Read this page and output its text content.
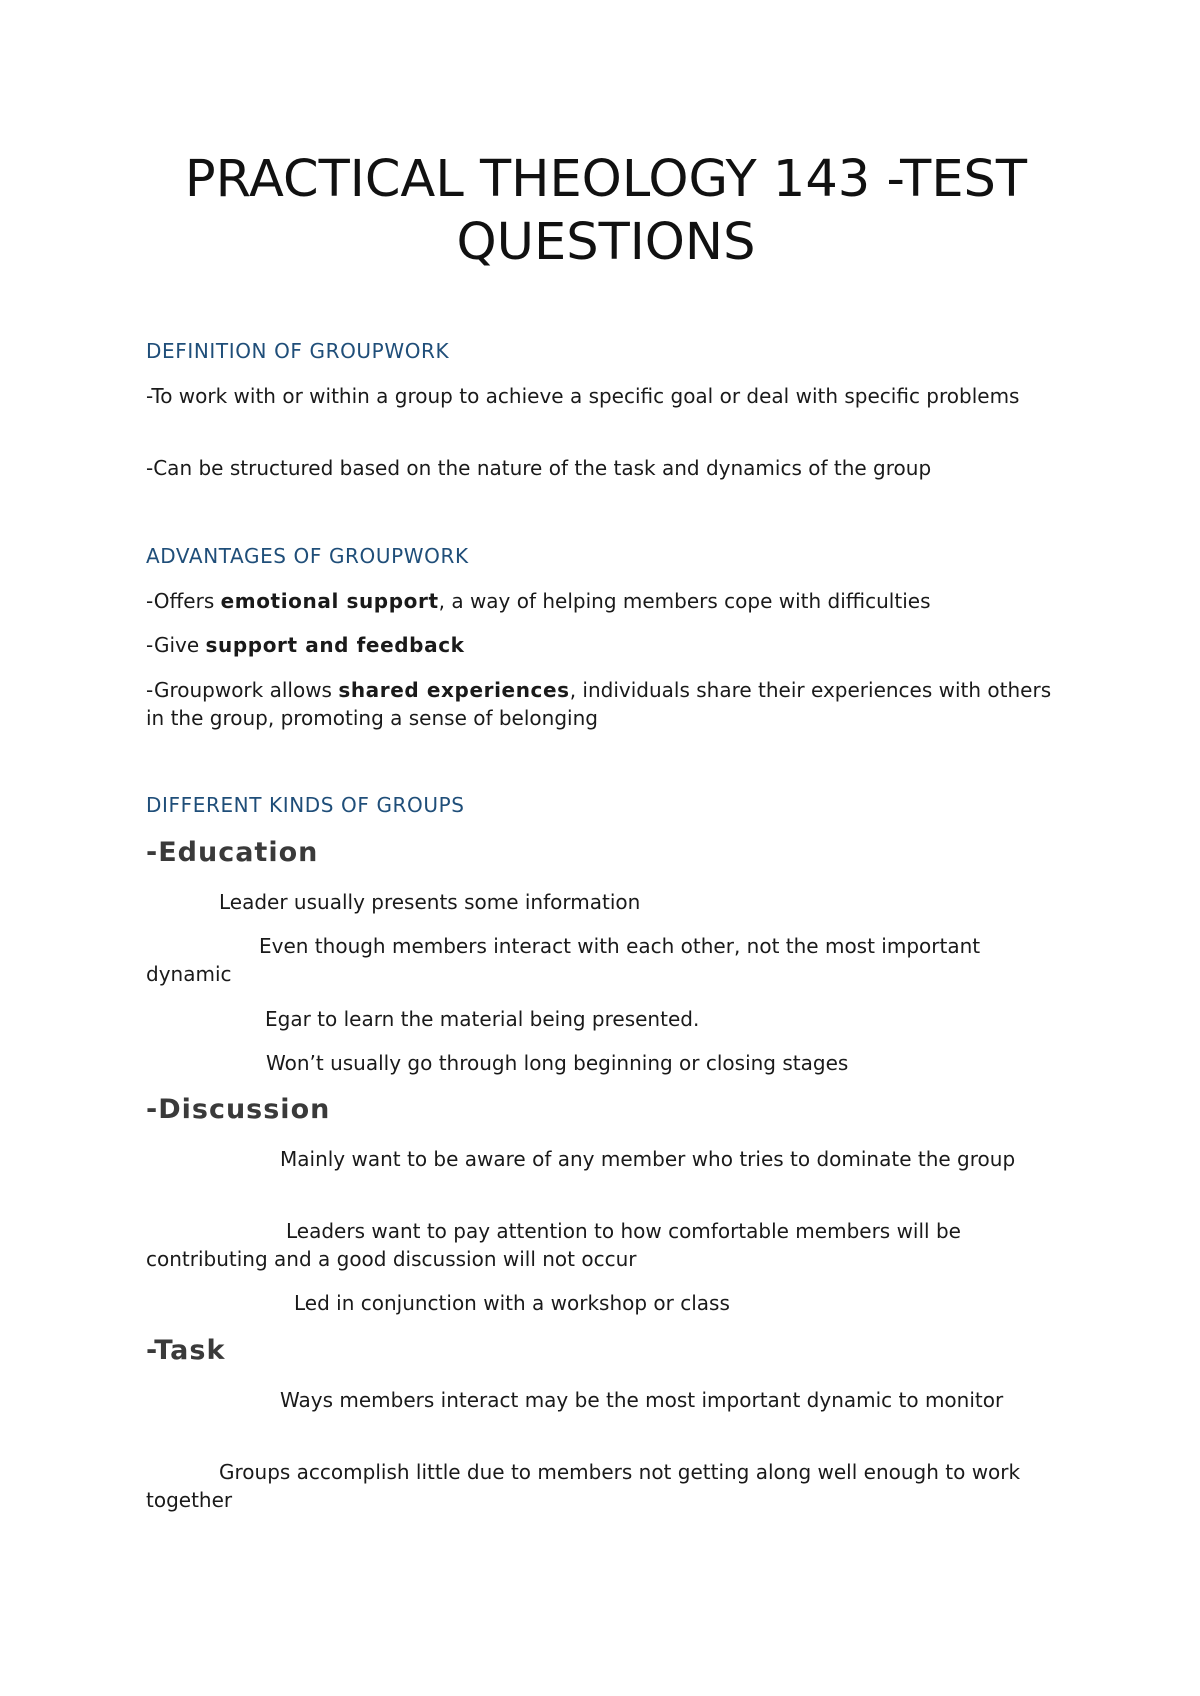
PRACTICAL THEOLOGY 143 -TEST
QUESTIONS
DEFINITION OF GROUPWORK

-To work with or within a group to achieve a specific goal or deal with specific problems

-Can be structured based on the nature of the task and dynamics of the group

ADVANTAGES OF GROUPWORK

-Offers emotional support, a way of helping members cope with difficulties

-Give support and feedback

-Groupwork allows shared experiences, individuals share their experiences with others in the group, promoting a sense of belonging

DIFFERENT KINDS OF GROUPS
-Education

Leader usually presents some information

Even though members interact with each other, not the most important dynamic

Egar to learn the material being presented.

Won’t usually go through long beginning or closing stages

-Discussion

Mainly want to be aware of any member who tries to dominate the group

Leaders want to pay attention to how comfortable members will be contributing and a good discussion will not occur

Led in conjunction with a workshop or class

-Task

Ways members interact may be the most important dynamic to monitor

Groups accomplish little due to members not getting along well enough to work together
